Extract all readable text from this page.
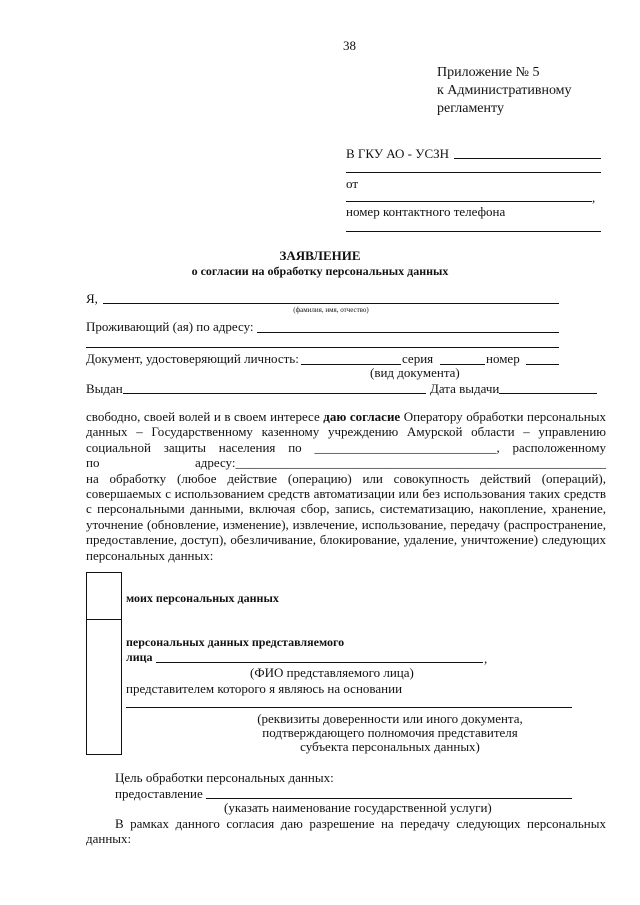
38
Приложение № 5
к Административному
регламенту
В ГКУ АО - УСЗН
от
,
номер контактного телефона
ЗАЯВЛЕНИЕ
о согласии на обработку персональных данных
Я,
(фамилия, имя, отчество)
Проживающий (ая) по адресу:
Документ, удостоверяющий личность:	серия	номер
(вид документа)
Выдан	Дата выдачи
свободно, своей волей и в своем интересе даю согласие Оператору обработки персональных
данных – Государственному казенному учреждению Амурской области – управлению
социальной защиты населения по ____________________________, расположенному
по адресу:_________________________________________________________
на обработку (любое действие (операцию) или совокупность действий (операций),
совершаемых с использованием средств автоматизации или без использования таких средств
с персональными данными, включая сбор, запись, систематизацию, накопление, хранение,
уточнение (обновление, изменение), извлечение, использование, передачу (распространение,
предоставление, доступ), обезличивание, блокирование, удаление, уничтожение) следующих
персональных данных:
моих персональных данных
персональных данных представляемого
лица	,
(ФИО представляемого лица)
представителем которого я являюсь на основании
(реквизиты доверенности или иного документа,
подтверждающего полномочия представителя
субъекта персональных данных)
Цель обработки персональных данных:
предоставление
(указать наименование государственной услуги)
В рамках данного согласия даю разрешение на передачу следующих персональных
данных:
